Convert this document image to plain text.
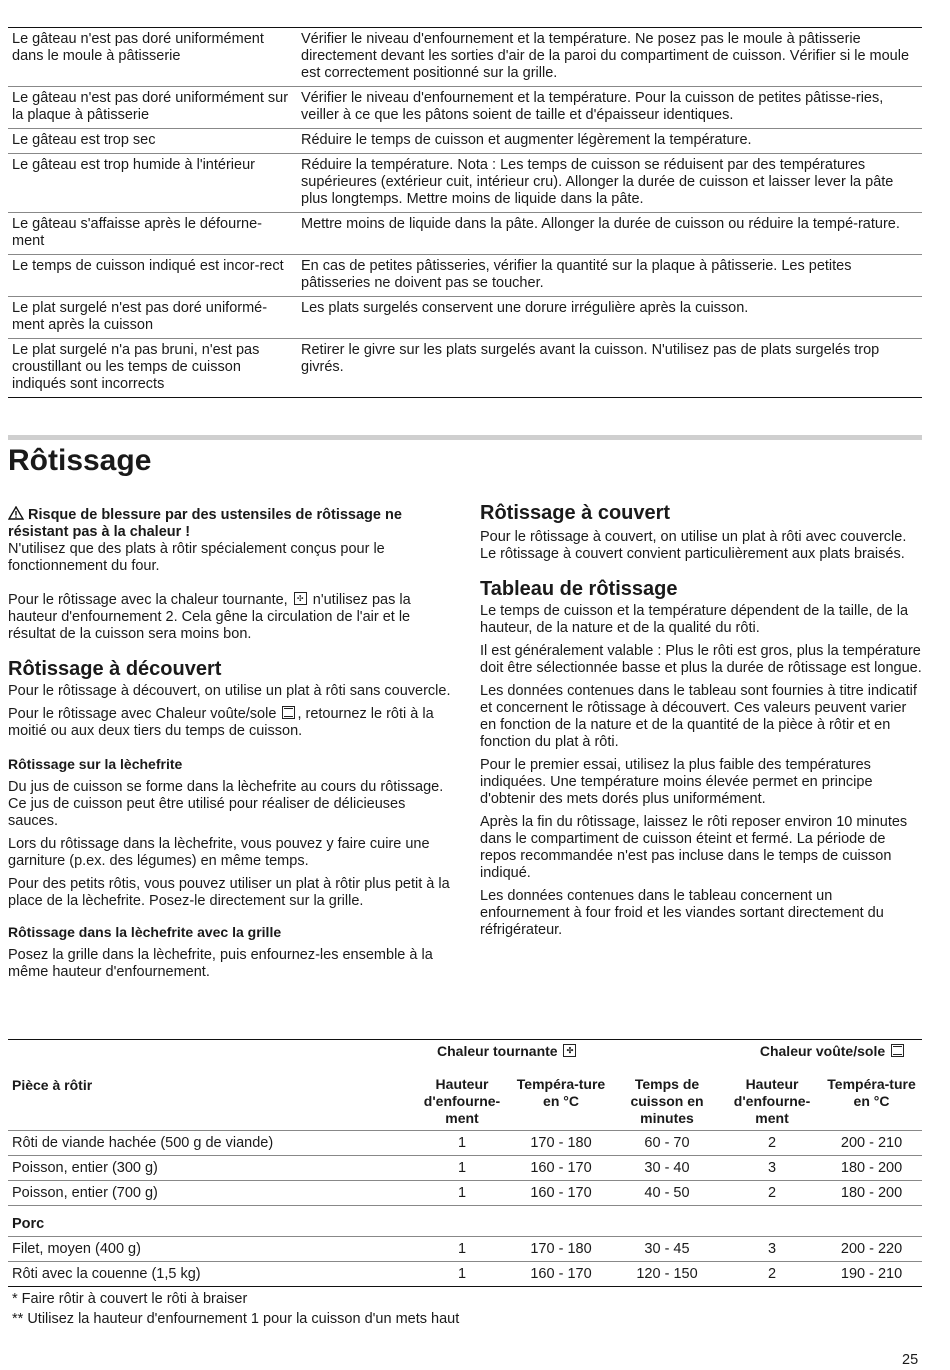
Le gâteau n'est pas doré uniformément dans le moule à pâtisserie	Vérifier le niveau d'enfournement et la température. Ne posez pas le moule à pâtisserie directement devant les sorties d'air de la paroi du compartiment de cuisson. Vérifier si le moule est correctement positionné sur la grille.
Le gâteau n'est pas doré uniformément sur la plaque à pâtisserie	Vérifier le niveau d'enfournement et la température. Pour la cuisson de petites pâtisse-ries, veiller à ce que les pâtons soient de taille et d'épaisseur identiques.
Le gâteau est trop sec	Réduire le temps de cuisson et augmenter légèrement la température.
Le gâteau est trop humide à l'intérieur	Réduire la température. Nota : Les temps de cuisson se réduisent par des températures supérieures (extérieur cuit, intérieur cru). Allonger la durée de cuisson et laisser lever la pâte plus longtemps. Mettre moins de liquide dans la pâte.
Le gâteau s'affaisse après le défourne-ment	Mettre moins de liquide dans la pâte. Allonger la durée de cuisson ou réduire la tempé-rature.
Le temps de cuisson indiqué est incor-rect	En cas de petites pâtisseries, vérifier la quantité sur la plaque à pâtisserie. Les petites pâtisseries ne doivent pas se toucher.
Le plat surgelé n'est pas doré uniformé-ment après la cuisson	Les plats surgelés conservent une dorure irrégulière après la cuisson.
Le plat surgelé n'a pas bruni, n'est pas croustillant ou les temps de cuisson indiqués sont incorrects	Retirer le givre sur les plats surgelés avant la cuisson. N'utilisez pas de plats surgelés trop givrés.
Rôtissage

Risque de blessure par des ustensiles de rôtissage ne résistant pas à la chaleur !

N'utilisez que des plats à rôtir spécialement conçus pour le fonctionnement du four.

Pour le rôtissage avec la chaleur tournante, ✣ n'utilisez pas la hauteur d'enfournement 2. Cela gêne la circulation de l'air et le résultat de la cuisson sera moins bon.

Rôtissage à découvert

Pour le rôtissage à découvert, on utilise un plat à rôti sans couvercle.

Pour le rôtissage avec Chaleur voûte/sole , retournez le rôti à la moitié ou aux deux tiers du temps de cuisson.

Rôtissage sur la lèchefrite

Du jus de cuisson se forme dans la lèchefrite au cours du rôtissage. Ce jus de cuisson peut être utilisé pour réaliser de délicieuses sauces.

Lors du rôtissage dans la lèchefrite, vous pouvez y faire cuire une garniture (p.ex. des légumes) en même temps.

Pour des petits rôtis, vous pouvez utiliser un plat à rôtir plus petit à la place de la lèchefrite. Posez-le directement sur la grille.

Rôtissage dans la lèchefrite avec la grille

Posez la grille dans la lèchefrite, puis enfournez-les ensemble à la même hauteur d'enfournement.

Rôtissage à couvert

Pour le rôtissage à couvert, on utilise un plat à rôti avec couvercle. Le rôtissage à couvert convient particulièrement aux plats braisés.

Tableau de rôtissage

Le temps de cuisson et la température dépendent de la taille, de la hauteur, de la nature et de la qualité du rôti.

Il est généralement valable : Plus le rôti est gros, plus la température doit être sélectionnée basse et plus la durée de rôtissage est longue.

Les données contenues dans le tableau sont fournies à titre indicatif et concernent le rôtissage à découvert. Ces valeurs peuvent varier en fonction de la nature et de la quantité de la pièce à rôtir et en fonction du plat à rôti.

Pour le premier essai, utilisez la plus faible des températures indiquées. Une température moins élevée permet en principe d'obtenir des mets dorés plus uniformément.

Après la fin du rôtissage, laissez le rôti reposer environ 10 minutes dans le compartiment de cuisson éteint et fermé. La période de repos recommandée n'est pas incluse dans le temps de cuisson indiqué.

Les données contenues dans le tableau concernent un enfournement à four froid et les viandes sortant directement du réfrigérateur.

	Chaleur tournante ✣			Chaleur voûte/sole	
Pièce à rôtir	Hauteur d'enfourne-ment	Tempéra-ture en °C	Temps de cuisson en minutes	Hauteur d'enfourne-ment	Tempéra-ture en °C
Rôti de viande hachée (500 g de viande)	1	170 - 180	60 - 70	2	200 - 210
Poisson, entier (300 g)	1	160 - 170	30 - 40	3	180 - 200
Poisson, entier (700 g)	1	160 - 170	40 - 50	2	180 - 200
Porc					
Filet, moyen (400 g)	1	170 - 180	30 - 45	3	200 - 220
Rôti avec la couenne (1,5 kg)	1	160 - 170	120 - 150	2	190 - 210

* Faire rôtir à couvert le rôti à braiser

** Utilisez la hauteur d'enfournement 1 pour la cuisson d'un mets haut

25
